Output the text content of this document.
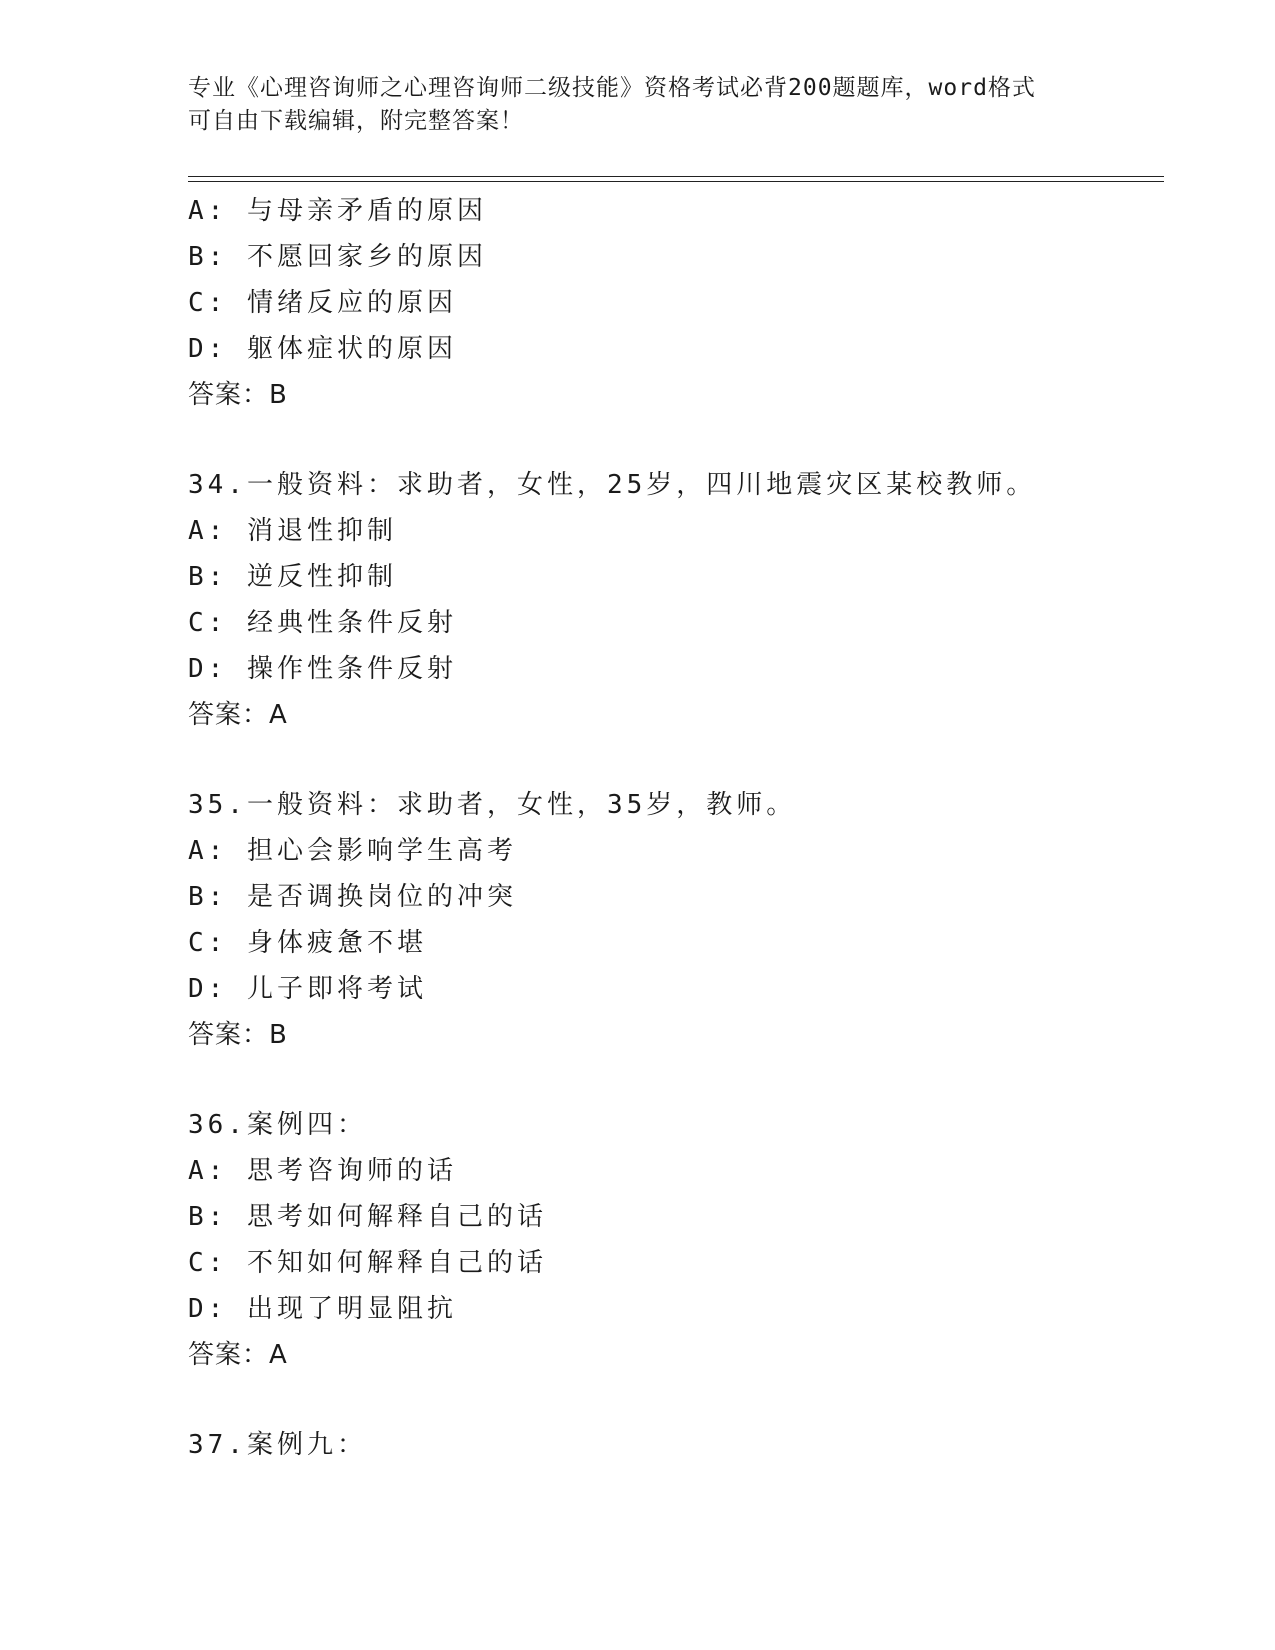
专业《心理咨询师之心理咨询师二级技能》资格考试必背200题题库，word格式
可自由下载编辑，附完整答案！
A: 与母亲矛盾的原因
B: 不愿回家乡的原因
C: 情绪反应的原因
D: 躯体症状的原因
答案：B
34.一般资料：求助者，女性，25岁，四川地震灾区某校教师。
A: 消退性抑制
B: 逆反性抑制
C: 经典性条件反射
D: 操作性条件反射
答案：A
35.一般资料：求助者，女性，35岁，教师。
A: 担心会影响学生高考
B: 是否调换岗位的冲突
C: 身体疲惫不堪
D: 儿子即将考试
答案：B
36.案例四：
A: 思考咨询师的话
B: 思考如何解释自己的话
C: 不知如何解释自己的话
D: 出现了明显阻抗
答案：A
37.案例九：
